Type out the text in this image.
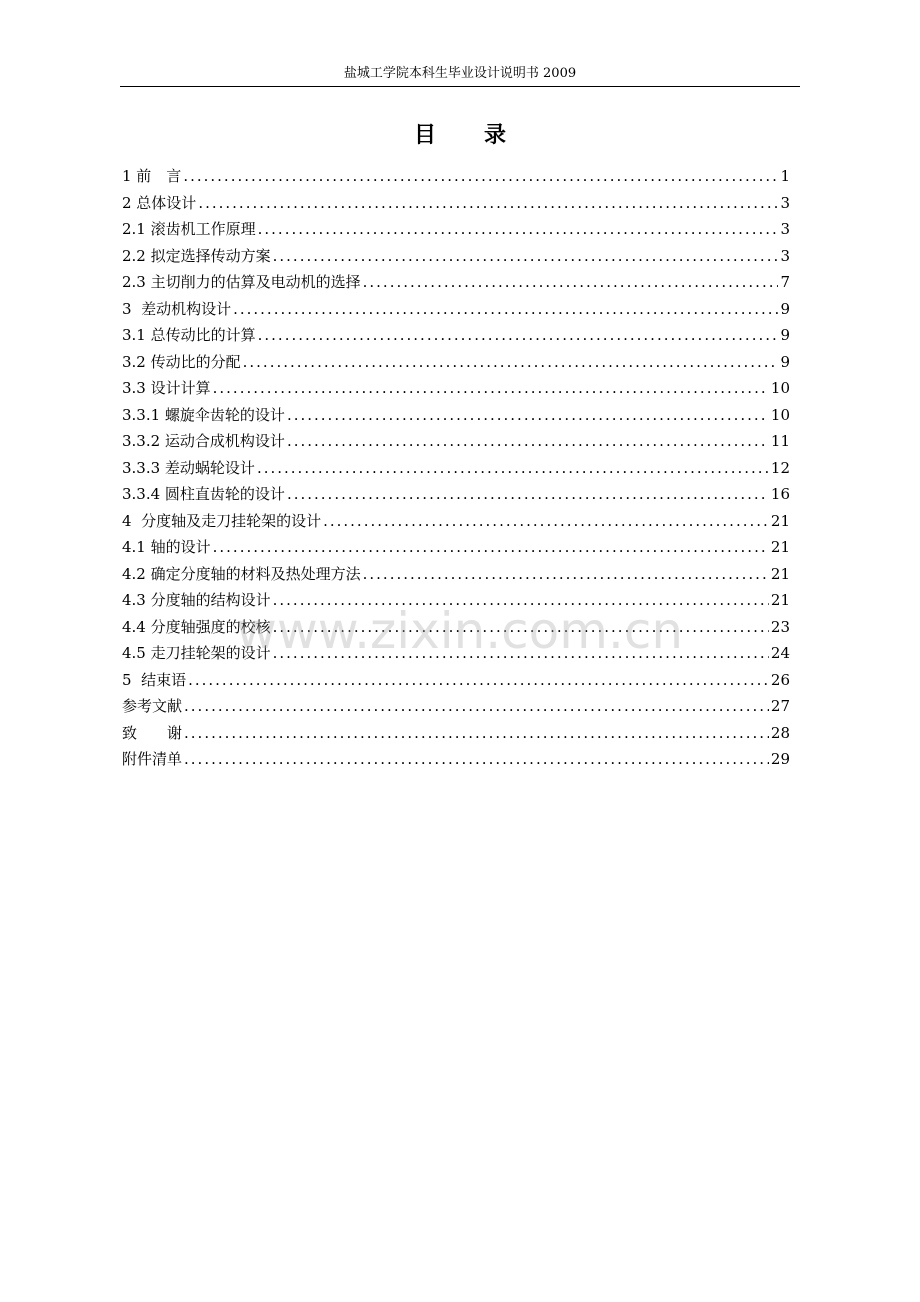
盐城工学院本科生毕业设计说明书 2009
目录
1 前　言 .....	1
2 总体设计 .....	3
2.1 滚齿机工作原理 .....	3
2.2 拟定选择传动方案 .....	3
2.3 主切削力的估算及电动机的选择 .....	7
3  差动机构设计 .....	9
3.1 总传动比的计算 .....	9
3.2 传动比的分配 .....	9
3.3 设计计算 .....	10
3.3.1 螺旋伞齿轮的设计 .....	10
3.3.2 运动合成机构设计 .....	11
3.3.3 差动蜗轮设计 .....	12
3.3.4 圆柱直齿轮的设计 .....	16
4  分度轴及走刀挂轮架的设计 .....	21
4.1 轴的设计 .....	21
4.2 确定分度轴的材料及热处理方法 .....	21
4.3 分度轴的结构设计 .....	21
4.4 分度轴强度的校核 .....	23
4.5 走刀挂轮架的设计 .....	24
5  结束语 .....	26
参考文献 .....	27
致　　谢 .....	28
附件清单 .....	29
www.zixin.com.cn
